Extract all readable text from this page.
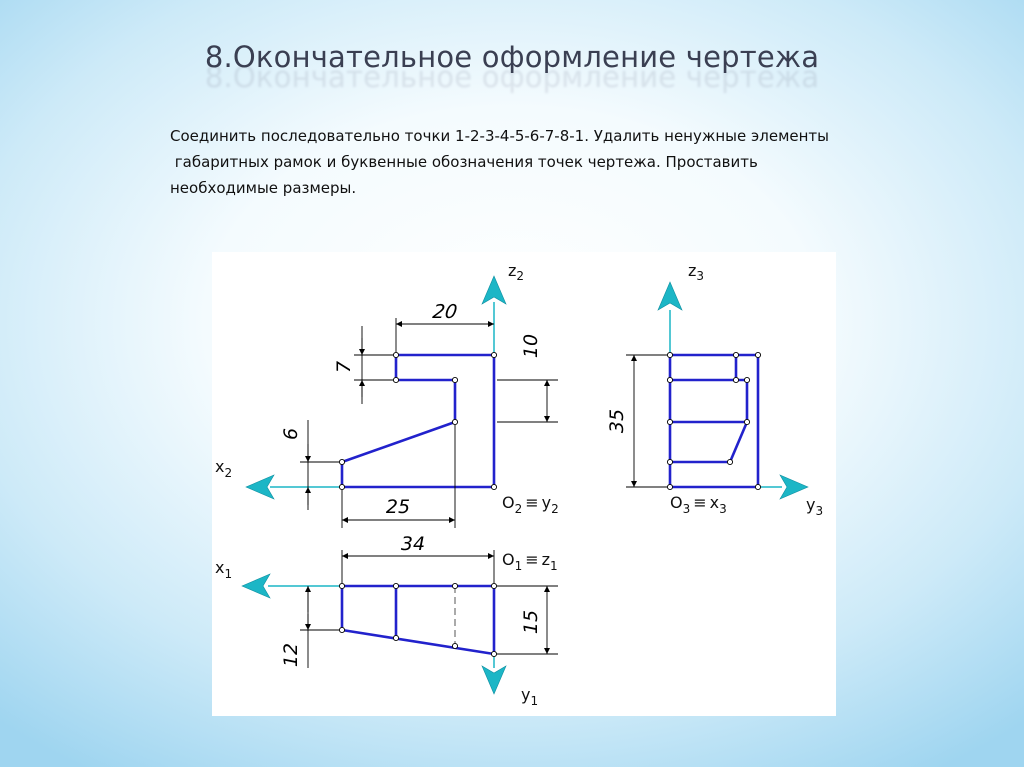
8.Окончательное оформление чертежа
Соединить последовательно точки 1-2-3-4-5-6-7-8-1. Удалить ненужные элементы
габаритных рамок и буквенные обозначения точек чертежа. Проставить
необходимые размеры.
$z_2$
$x_2$
$O_2 \equiv y_2$
$z_3$
$y_3$
$O_3 \equiv x_3$
$x_1$
$O_1 \equiv z_1$
$y_1$
20
7
10
6
25
35
34
12
15
